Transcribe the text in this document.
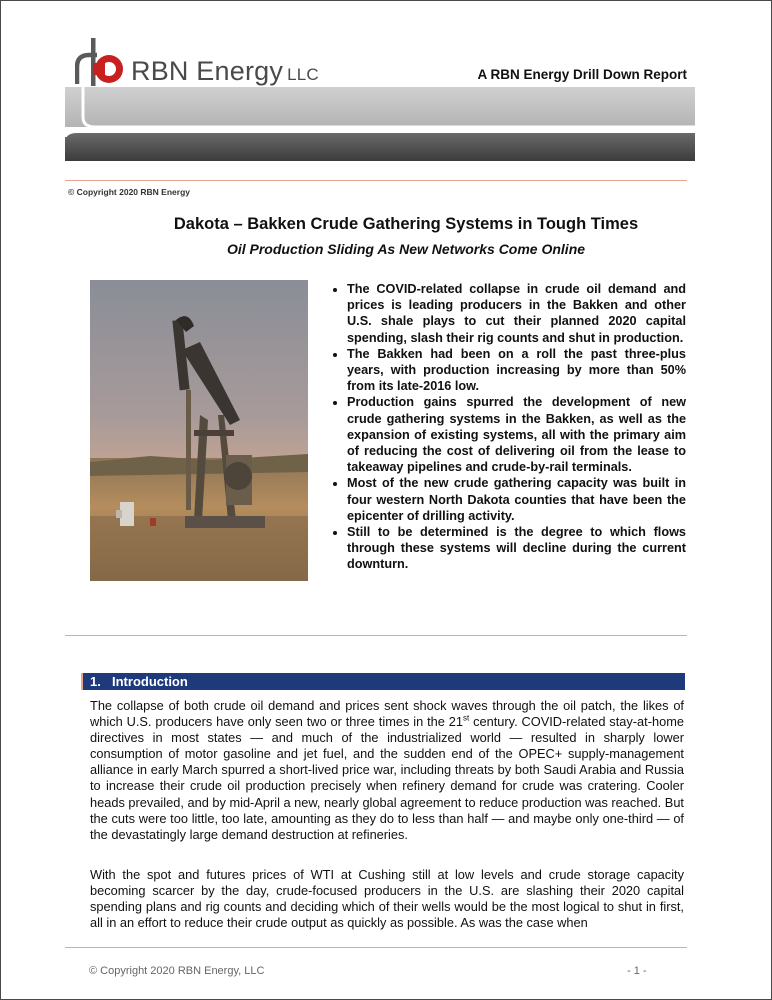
RBN Energy LLC	A RBN Energy Drill Down Report
© Copyright 2020 RBN Energy
Dakota – Bakken Crude Gathering Systems in Tough Times
Oil Production Sliding As New Networks Come Online
• The COVID-related collapse in crude oil demand and prices is leading producers in the Bakken and other U.S. shale plays to cut their planned 2020 capital spending, slash their rig counts and shut in production.
• The Bakken had been on a roll the past three-plus years, with production increasing by more than 50% from its late-2016 low.
• Production gains spurred the development of new crude gathering systems in the Bakken, as well as the expansion of existing systems, all with the primary aim of reducing the cost of delivering oil from the lease to takeaway pipelines and crude-by-rail terminals.
• Most of the new crude gathering capacity was built in four western North Dakota counties that have been the epicenter of drilling activity.
• Still to be determined is the degree to which flows through these systems will decline during the current downturn.
1. Introduction

The collapse of both crude oil demand and prices sent shock waves through the oil patch, the likes of which U.S. producers have only seen two or three times in the 21st century. COVID-related stay-at-home directives in most states — and much of the industrialized world — resulted in sharply lower consumption of motor gasoline and jet fuel, and the sudden end of the OPEC+ supply-management alliance in early March spurred a short-lived price war, including threats by both Saudi Arabia and Russia to increase their crude oil production precisely when refinery demand for crude was cratering. Cooler heads prevailed, and by mid-April a new, nearly global agreement to reduce production was reached. But the cuts were too little, too late, amounting as they do to less than half — and maybe only one-third — of the devastatingly large demand destruction at refineries.

With the spot and futures prices of WTI at Cushing still at low levels and crude storage capacity becoming scarcer by the day, crude-focused producers in the U.S. are slashing their 2020 capital spending plans and rig counts and deciding which of their wells would be the most logical to shut in first, all in an effort to reduce their crude output as quickly as possible. As was the case when

© Copyright 2020 RBN Energy, LLC	- 1 -
